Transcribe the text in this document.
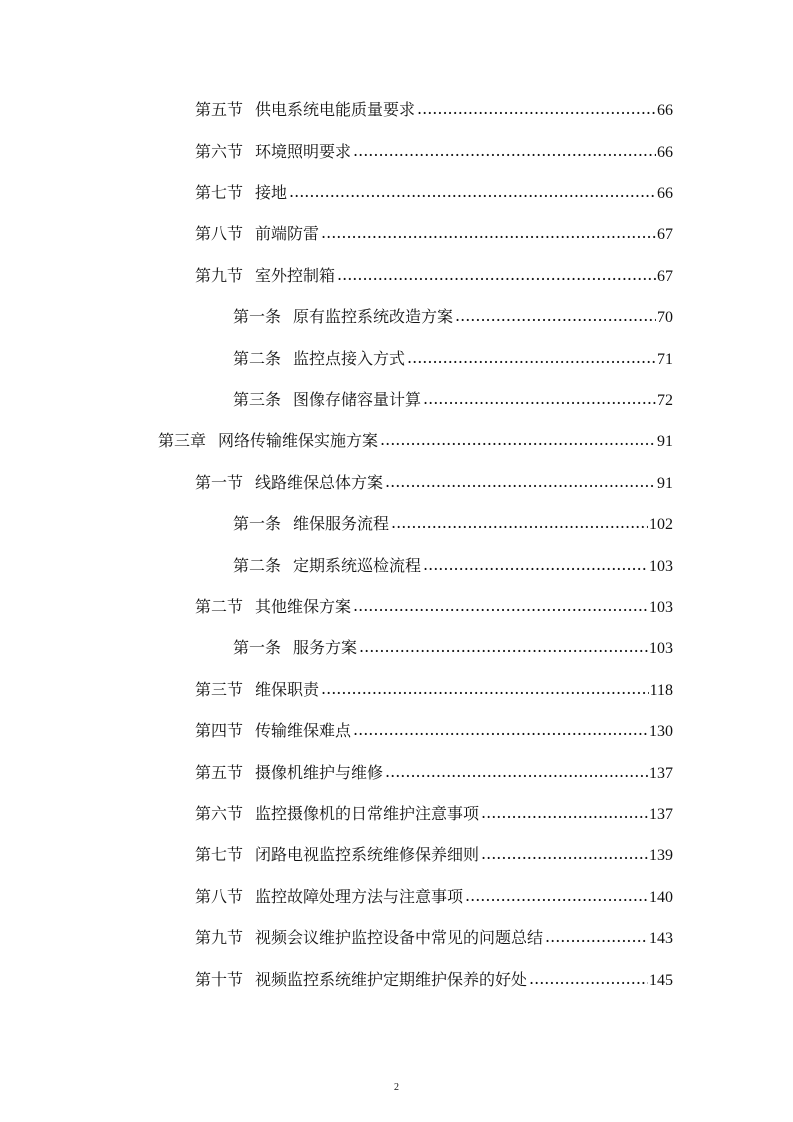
第五节 供电系统电能质量要求 .....	66
第六节 环境照明要求 .....	66
第七节 接地 .....	66
第八节 前端防雷 .....	67
第九节 室外控制箱 .....	67
第一条 原有监控系统改造方案 .....	70
第二条 监控点接入方式 .....	71
第三条 图像存储容量计算 .....	72
第三章 网络传输维保实施方案 .....	91
第一节 线路维保总体方案 .....	91
第一条 维保服务流程 .....	102
第二条 定期系统巡检流程 .....	103
第二节 其他维保方案 .....	103
第一条 服务方案 .....	103
第三节 维保职责 .....	118
第四节 传输维保难点 .....	130
第五节 摄像机维护与维修 .....	137
第六节 监控摄像机的日常维护注意事项 .....	137
第七节 闭路电视监控系统维修保养细则 .....	139
第八节 监控故障处理方法与注意事项 .....	140
第九节 视频会议维护监控设备中常见的问题总结 .....	143
第十节 视频监控系统维护定期维护保养的好处 .....	145
2
